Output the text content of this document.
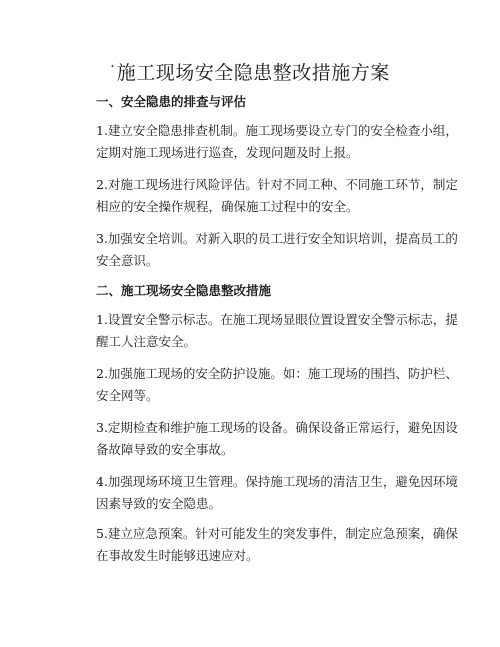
· 施工现场安全隐患整改措施方案
一、安全隐患的排查与评估
1.建立安全隐患排查机制。施工现场要设立专门的安全检查小组，
定期对施工现场进行巡查，发现问题及时上报。
2.对施工现场进行风险评估。针对不同工种、不同施工环节，制定
相应的安全操作规程，确保施工过程中的安全。
3.加强安全培训。对新入职的员工进行安全知识培训，提高员工的
安全意识。
二、施工现场安全隐患整改措施
1.设置安全警示标志。在施工现场显眼位置设置安全警示标志，提
醒工人注意安全。
2.加强施工现场的安全防护设施。如：施工现场的围挡、防护栏、
安全网等。
3.定期检查和维护施工现场的设备。确保设备正常运行，避免因设
备故障导致的安全事故。
4.加强现场环境卫生管理。保持施工现场的清洁卫生，避免因环境
因素导致的安全隐患。
5.建立应急预案。针对可能发生的突发事件，制定应急预案，确保
在事故发生时能够迅速应对。
